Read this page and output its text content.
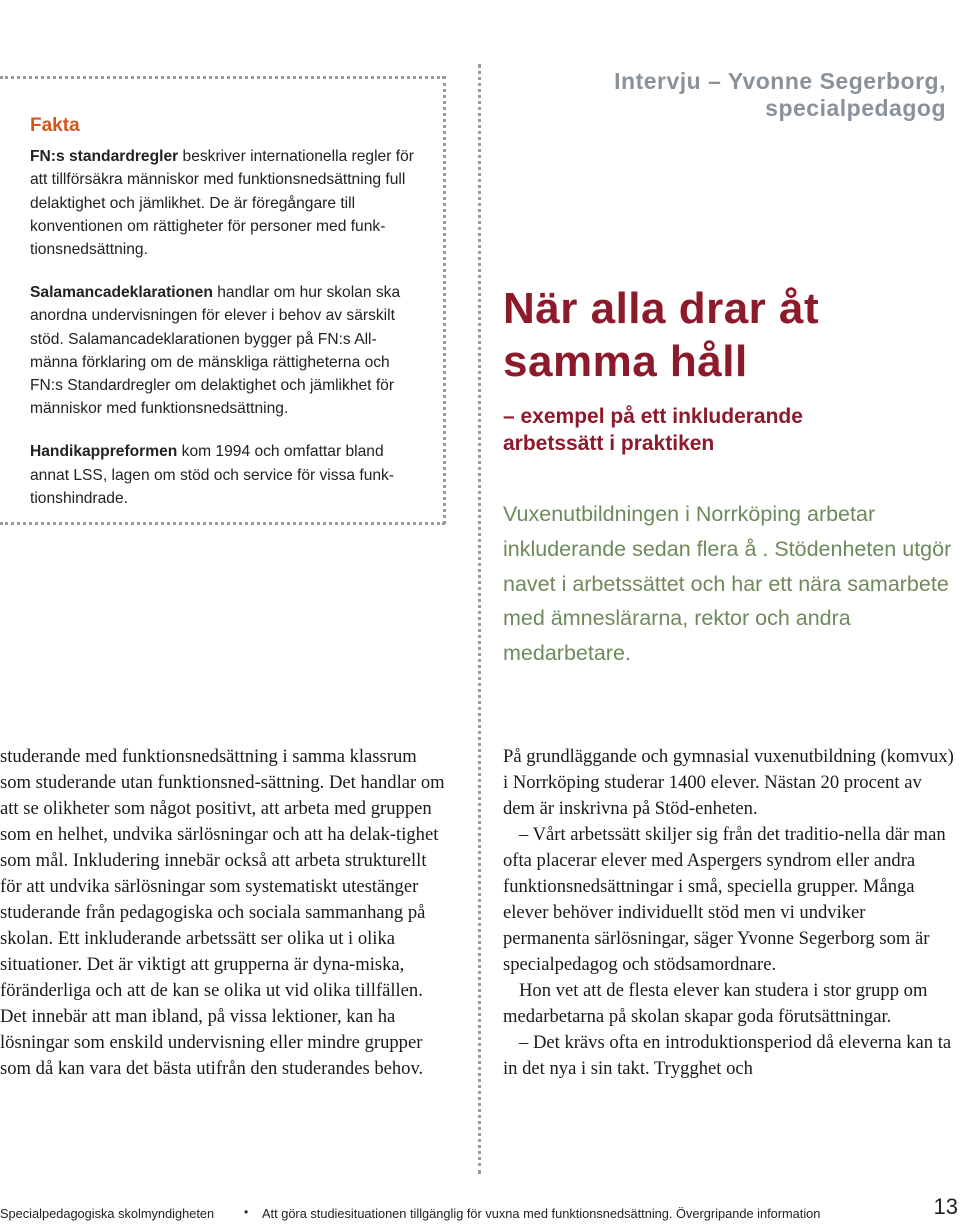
Fakta

FN:s standardregler beskriver internationella regler för att tillförsäkra människor med funktionsnedsättning full delaktighet och jämlikhet. De är föregångare till konventionen om rättigheter för personer med funk-tionsnedsättning.

Salamancadeklarationen handlar om hur skolan ska anordna undervisningen för elever i behov av särskilt stöd. Salamancadeklarationen bygger på FN:s All-männa förklaring om de mänskliga rättigheterna och FN:s Standardregler om delaktighet och jämlikhet för människor med funktionsnedsättning.

Handikappreformen kom 1994 och omfattar bland annat LSS, lagen om stöd och service för vissa funk-tionshindrade.

Intervju – Yvonne Segerborg,
specialpedagog
När alla drar åt
samma håll
– exempel på ett inkluderande
arbetssätt i praktiken
Vuxenutbildningen i Norrköping arbetar inkluderande sedan flera å . Stödenheten utgör navet i arbetssättet och har ett nära samarbete med ämneslärarna, rektor och andra medarbetare.

studerande med funktionsnedsättning i samma klassrum som studerande utan funktionsned-sättning. Det handlar om att se olikheter som något positivt, att arbeta med gruppen som en helhet, undvika särlösningar och att ha delak-tighet som mål. Inkludering innebär också att arbeta strukturellt för att undvika särlösningar som systematiskt utestänger studerande från pedagogiska och sociala sammanhang på skolan. Ett inkluderande arbetssätt ser olika ut i olika situationer. Det är viktigt att grupperna är dyna-miska, föränderliga och att de kan se olika ut vid olika tillfällen. Det innebär att man ibland, på vissa lektioner, kan ha lösningar som enskild undervisning eller mindre grupper som då kan vara det bästa utifrån den studerandes behov.

På grundläggande och gymnasial vuxenutbildning (komvux) i Norrköping studerar 1400 elever. Nästan 20 procent av dem är inskrivna på Stöd-enheten.

– Vårt arbetssätt skiljer sig från det traditio-nella där man ofta placerar elever med Aspergers syndrom eller andra funktionsnedsättningar i små, speciella grupper. Många elever behöver individuellt stöd men vi undviker permanenta särlösningar, säger Yvonne Segerborg som är specialpedagog och stödsamordnare.

Hon vet att de flesta elever kan studera i stor grupp om medarbetarna på skolan skapar goda förutsättningar.

– Det krävs ofta en introduktionsperiod då eleverna kan ta in det nya i sin takt. Trygghet och

Specialpedagogiska skolmyndigheten • Att göra studiesituationen tillgänglig för vuxna med funktionsnedsättning. Övergripande information	13
